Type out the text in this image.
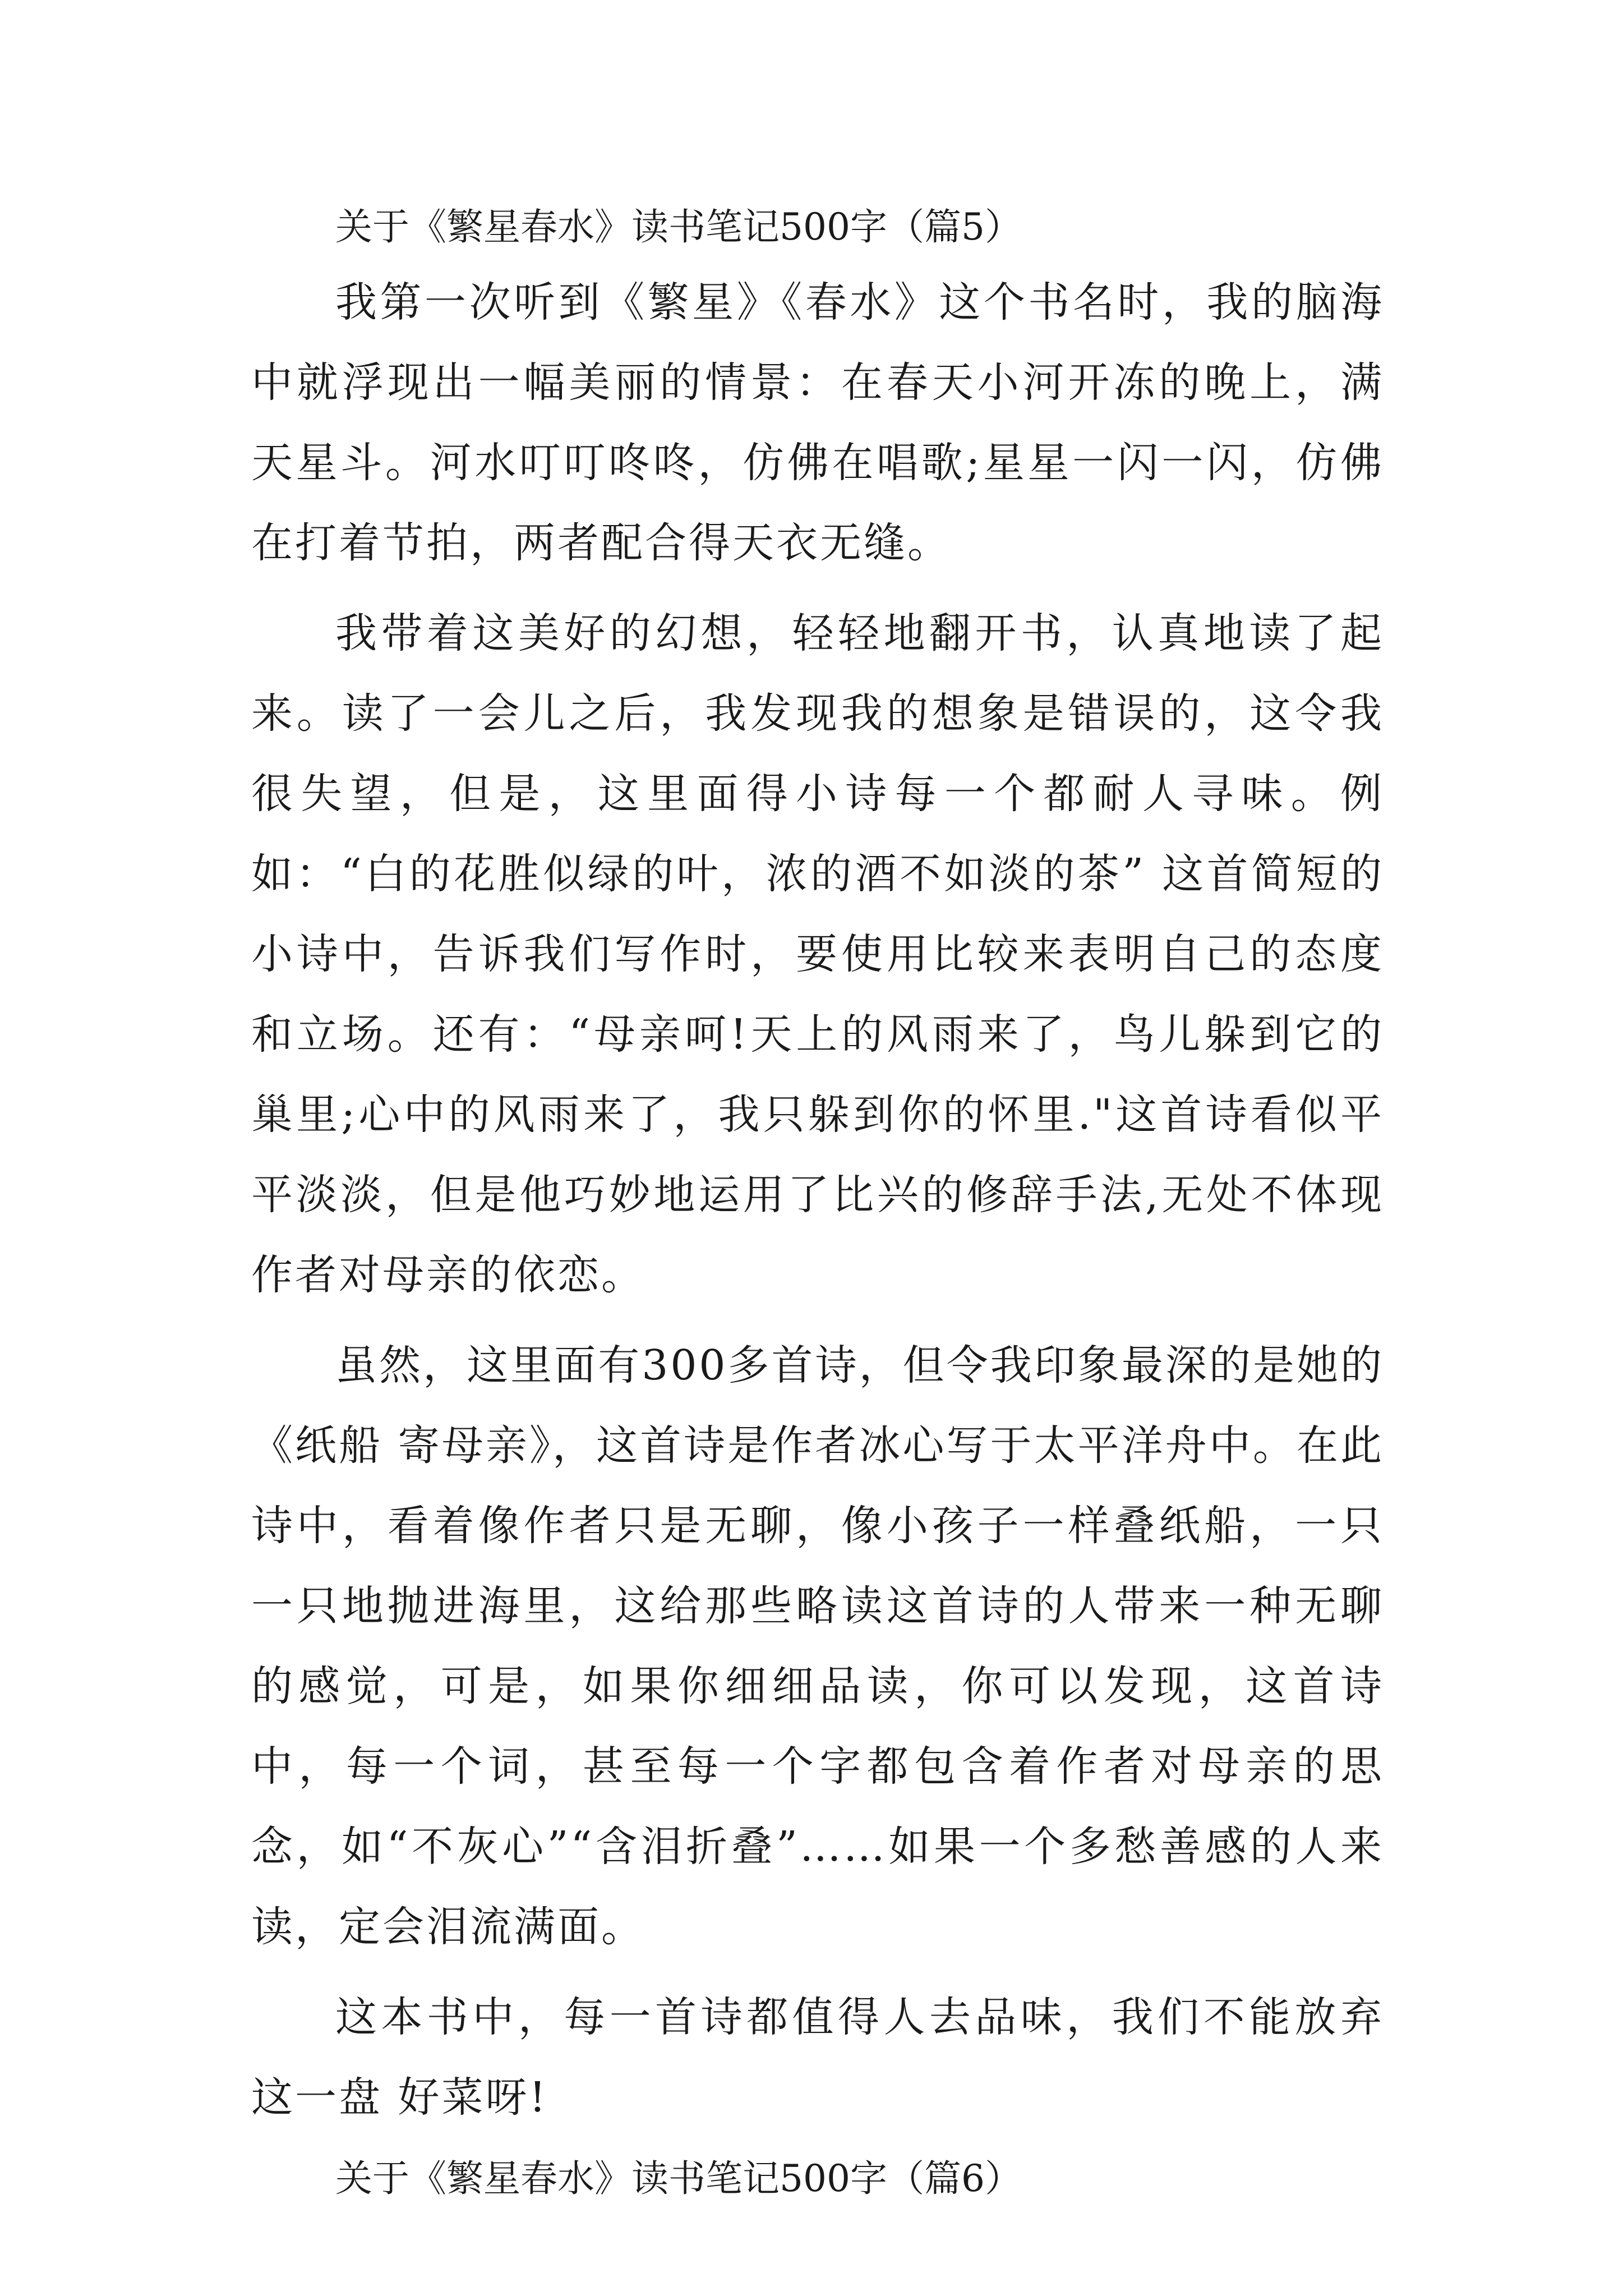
关于《繁星春水》读书笔记500字（篇5）

我第一次听到《繁星》《春水》这个书名时，我的脑海中就浮现出一幅美丽的情景：在春天小河开冻的晚上，满天星斗。河水叮叮咚咚，仿佛在唱歌;星星一闪一闪，仿佛在打着节拍，两者配合得天衣无缝。

我带着这美好的幻想，轻轻地翻开书，认真地读了起来。读了一会儿之后，我发现我的想象是错误的，这令我很失望，但是，这里面得小诗每一个都耐人寻味。例如：“白的花胜似绿的叶，浓的酒不如淡的茶” 这首简短的小诗中，告诉我们写作时，要使用比较来表明自己的态度和立场。还有：“母亲呵!天上的风雨来了，鸟儿躲到它的巢里;心中的风雨来了，我只躲到你的怀里."这首诗看似平平淡淡，但是他巧妙地运用了比兴的修辞手法,无处不体现作者对母亲的依恋。

虽然，这里面有300多首诗，但令我印象最深的是她的《纸船 寄母亲》，这首诗是作者冰心写于太平洋舟中。在此诗中，看着像作者只是无聊，像小孩子一样叠纸船，一只一只地抛进海里，这给那些略读这首诗的人带来一种无聊的感觉，可是，如果你细细品读，你可以发现，这首诗中，每一个词，甚至每一个字都包含着作者对母亲的思念，如“不灰心”“含泪折叠”……如果一个多愁善感的人来读，定会泪流满面。

这本书中，每一首诗都值得人去品味，我们不能放弃这一盘 好菜呀!

关于《繁星春水》读书笔记500字（篇6）
